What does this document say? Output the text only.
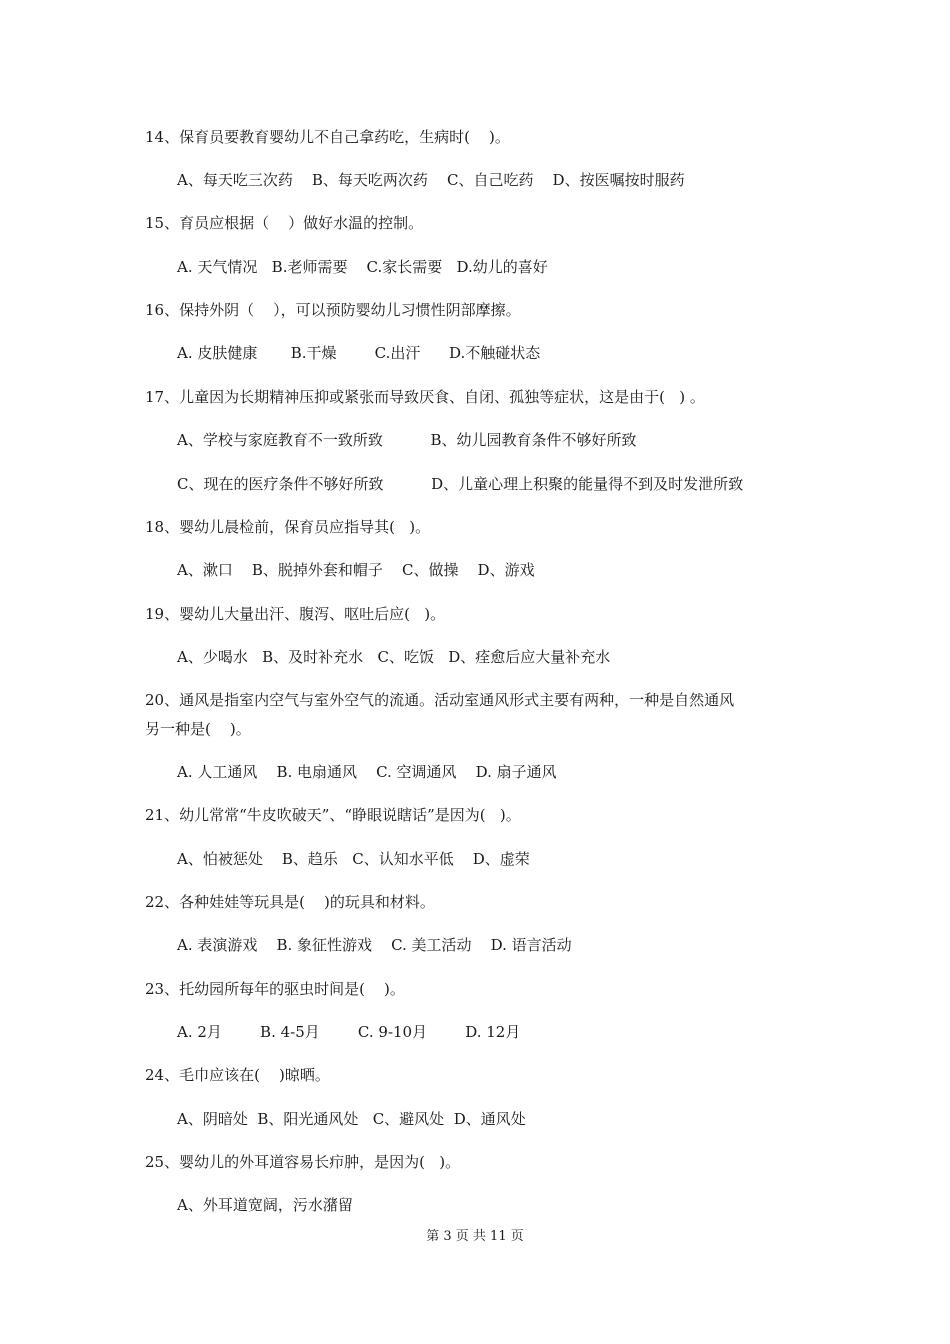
14、保育员要教育婴幼儿不自己拿药吃，生病时(    )。
A、每天吃三次药    B、每天吃两次药    C、自己吃药    D、按医嘱按时服药
15、育员应根据（    ）做好水温的控制。
A. 天气情况   B.老师需要    C.家长需要   D.幼儿的喜好
16、保持外阴（    ），可以预防婴幼儿习惯性阴部摩擦。
A. 皮肤健康       B.干燥        C.出汗      D.不触碰状态
17、儿童因为长期精神压抑或紧张而导致厌食、自闭、孤独等症状，这是由于(   ) 。
A、学校与家庭教育不一致所致          B、幼儿园教育条件不够好所致
C、现在的医疗条件不够好所致          D、儿童心理上积聚的能量得不到及时发泄所致
18、婴幼儿晨检前，保育员应指导其(   )。
A、漱口    B、脱掉外套和帽子    C、做操    D、游戏
19、婴幼儿大量出汗、腹泻、呕吐后应(   )。
A、少喝水   B、及时补充水   C、吃饭   D、痊愈后应大量补充水
20、通风是指室内空气与室外空气的流通。活动室通风形式主要有两种，一种是自然通风
另一种是(    )。
A. 人工通风    B. 电扇通风    C. 空调通风    D. 扇子通风
21、幼儿常常“牛皮吹破天”、“睁眼说瞎话”是因为(   )。
A、怕被惩处    B、趋乐   C、认知水平低    D、虚荣
22、各种娃娃等玩具是(    )的玩具和材料。
A. 表演游戏    B. 象征性游戏    C. 美工活动    D. 语言活动
23、托幼园所每年的驱虫时间是(    )。
A. 2月        B. 4-5月        C. 9-10月        D. 12月
24、毛巾应该在(    )晾晒。
A、阴暗处  B、阳光通风处   C、避风处  D、通风处
25、婴幼儿的外耳道容易长疖肿，是因为(   )。
A、外耳道宽阔，污水潴留
第 3 页 共 11 页
